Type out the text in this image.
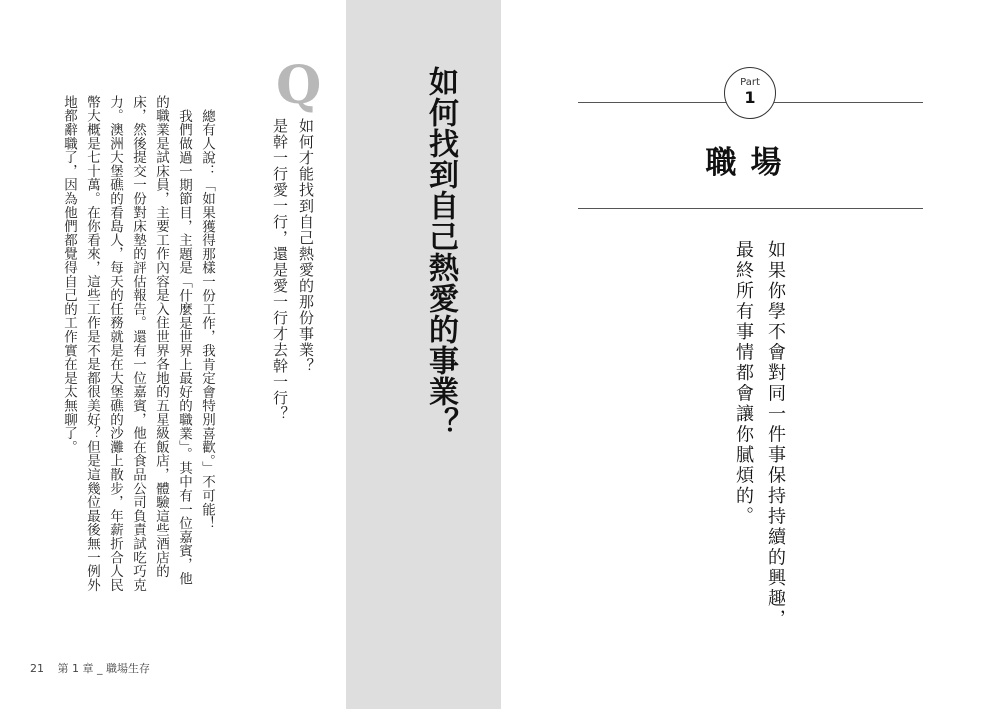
Q
如何才能找到自己熱愛的那份事業？
是幹一行愛一行，還是愛一行才去幹一行？

總有人說：「如果獲得那樣一份工作，我肯定會特別喜歡。」不可能！

我們做過一期節目，主題是「什麼是世界上最好的職業」。其中有一位嘉賓，他的職業是試床員，主要工作內容是入住世界各地的五星級飯店，體驗這些酒店的床，然後提交一份對床墊的評估報告。還有一位嘉賓，他在食品公司負責試吃巧克力。澳洲大堡礁的看島人，每天的任務就是在大堡礁的沙灘上散步，年薪折合人民幣大概是七十萬。在你看來，這些工作是不是都很美好？但是這幾位最後無一例外地都辭職了，因為他們都覺得自己的工作實在是太無聊了。

21 第 1 章 _ 職場生存
如何找到自己熱愛的事業？	Part
1
職場
如果你學不會對同一件事保持持續的興趣，
最終所有事情都會讓你膩煩的。
